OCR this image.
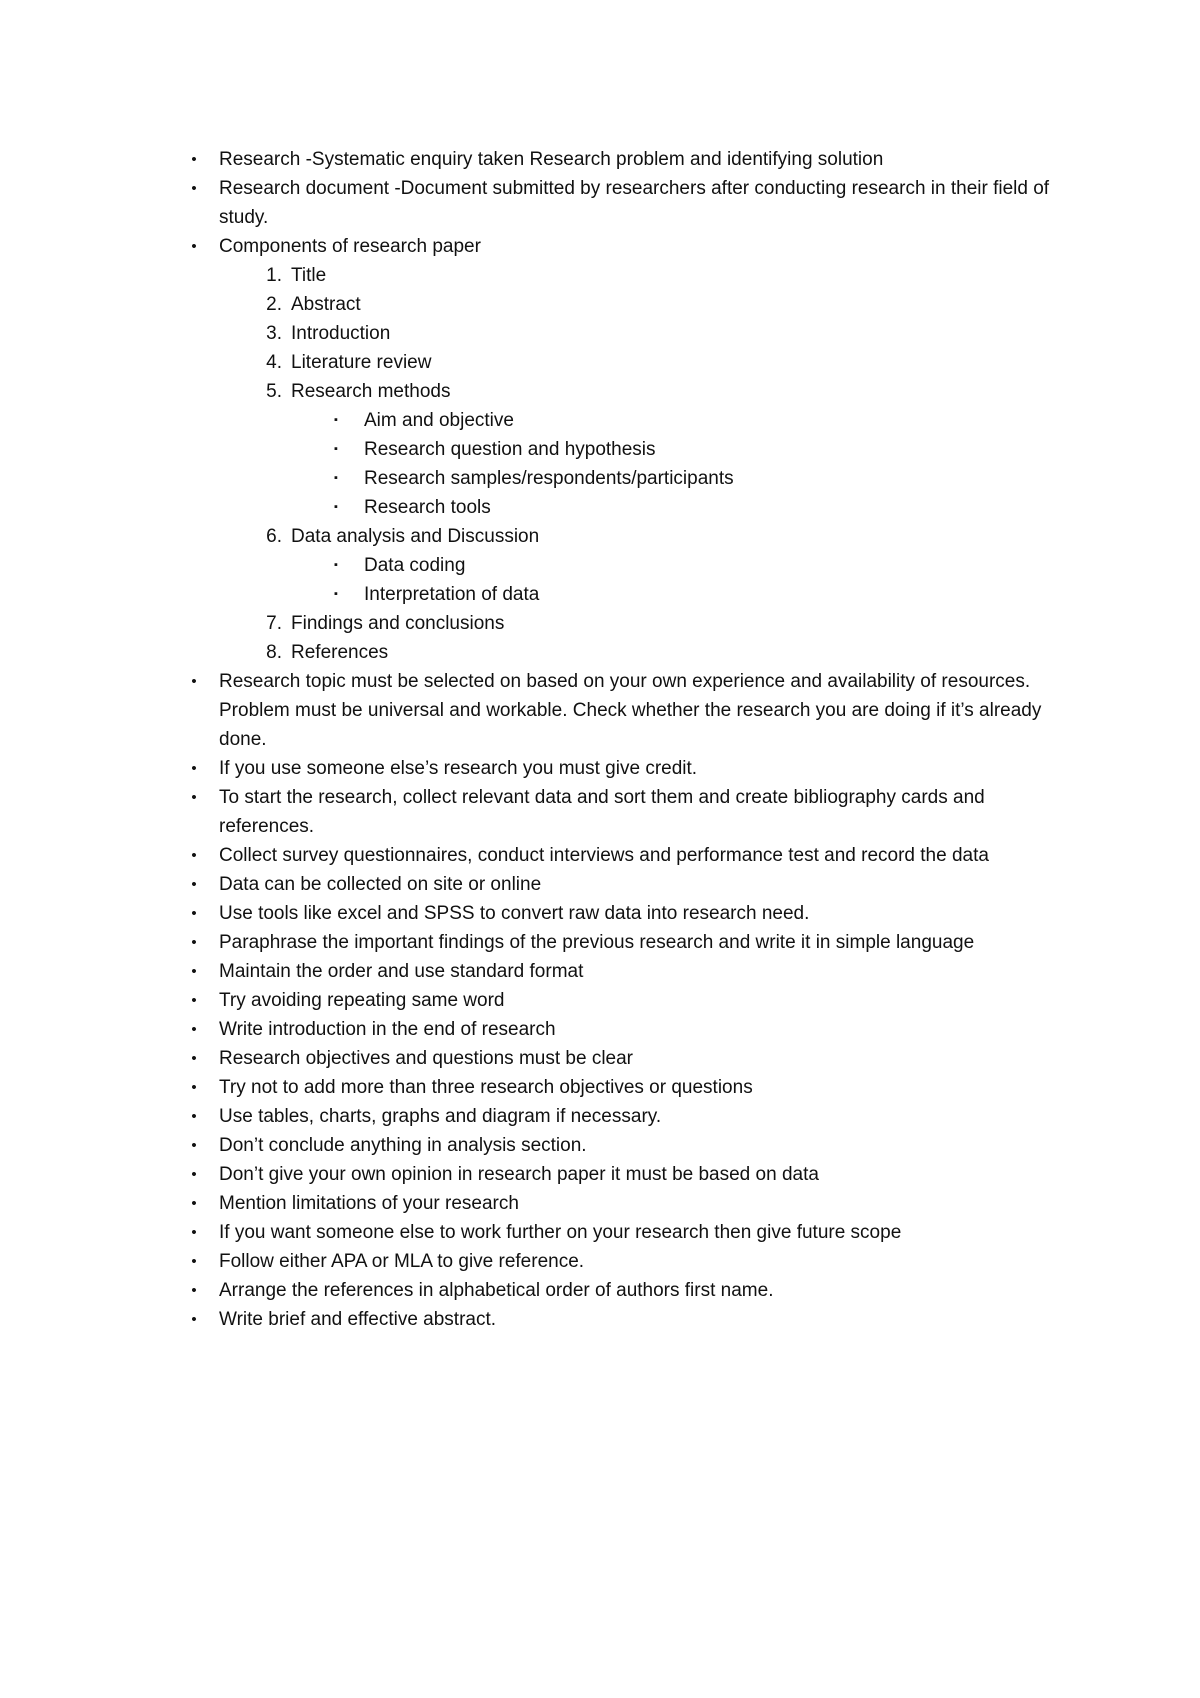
• Research -Systematic enquiry taken Research problem and identifying solution
• Research document -Document submitted by researchers after conducting research in their field of study.
• Components of research paper
1. Title
2. Abstract
3. Introduction
4. Literature review
5. Research methods
▪ Aim and objective
▪ Research question and hypothesis
▪ Research samples/respondents/participants
▪ Research tools
6. Data analysis and Discussion
▪ Data coding
▪ Interpretation of data
7. Findings and conclusions
8. References
• Research topic must be selected on based on your own experience and availability of resources. Problem must be universal and workable. Check whether the research you are doing if it’s already done.
• If you use someone else’s research you must give credit.
• To start the research, collect relevant data and sort them and create bibliography cards and references.
• Collect survey questionnaires, conduct interviews and performance test and record the data
• Data can be collected on site or online
• Use tools like excel and SPSS to convert raw data into research need.
• Paraphrase the important findings of the previous research and write it in simple language
• Maintain the order and use standard format
• Try avoiding repeating same word
• Write introduction in the end of research
• Research objectives and questions must be clear
• Try not to add more than three research objectives or questions
• Use tables, charts, graphs and diagram if necessary.
• Don’t conclude anything in analysis section.
• Don’t give your own opinion in research paper it must be based on data
• Mention limitations of your research
• If you want someone else to work further on your research then give future scope
• Follow either APA or MLA to give reference.
• Arrange the references in alphabetical order of authors first name.
• Write brief and effective abstract.
